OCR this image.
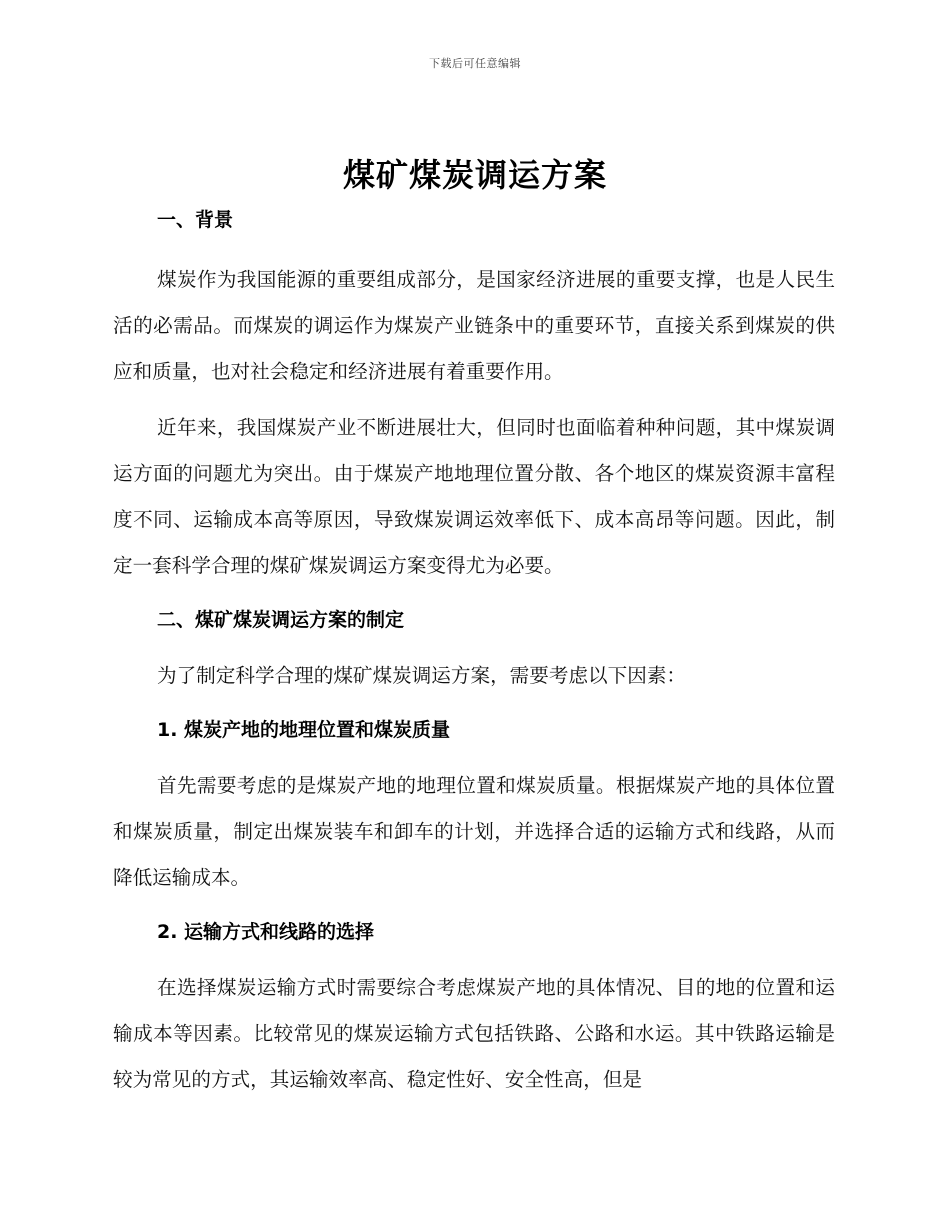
下载后可任意编辑
煤矿煤炭调运方案
一、背景

煤炭作为我国能源的重要组成部分，是国家经济进展的重要支撑，也是人民生活的必需品。而煤炭的调运作为煤炭产业链条中的重要环节，直接关系到煤炭的供应和质量，也对社会稳定和经济进展有着重要作用。

近年来，我国煤炭产业不断进展壮大，但同时也面临着种种问题，其中煤炭调运方面的问题尤为突出。由于煤炭产地地理位置分散、各个地区的煤炭资源丰富程度不同、运输成本高等原因，导致煤炭调运效率低下、成本高昂等问题。因此，制定一套科学合理的煤矿煤炭调运方案变得尤为必要。

二、煤矿煤炭调运方案的制定

为了制定科学合理的煤矿煤炭调运方案，需要考虑以下因素：

1. 煤炭产地的地理位置和煤炭质量

首先需要考虑的是煤炭产地的地理位置和煤炭质量。根据煤炭产地的具体位置和煤炭质量，制定出煤炭装车和卸车的计划，并选择合适的运输方式和线路，从而降低运输成本。

2. 运输方式和线路的选择

在选择煤炭运输方式时需要综合考虑煤炭产地的具体情况、目的地的位置和运输成本等因素。比较常见的煤炭运输方式包括铁路、公路和水运。其中铁路运输是较为常见的方式，其运输效率高、稳定性好、安全性高，但是
